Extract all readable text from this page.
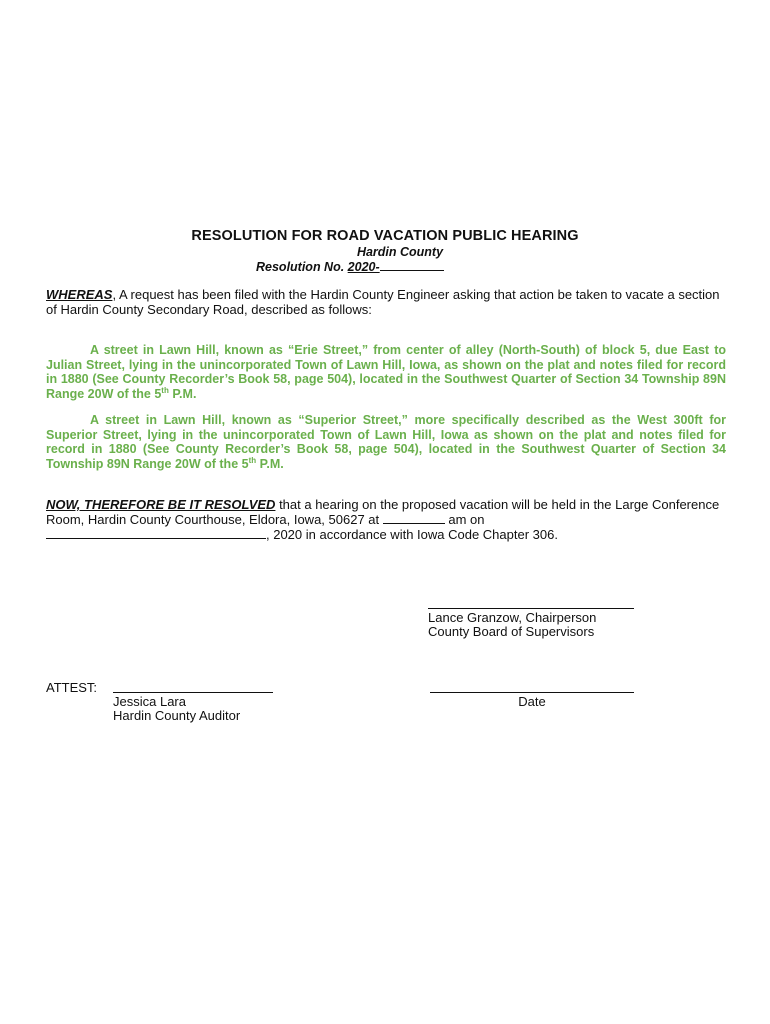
RESOLUTION FOR ROAD VACATION PUBLIC HEARING
Hardin County
Resolution No. 2020-
WHEREAS, A request has been filed with the Hardin County Engineer asking that action be taken to vacate a section of Hardin County Secondary Road, described as follows:
A street in Lawn Hill, known as “Erie Street,” from center of alley (North-South) of block 5, due East to Julian Street, lying in the unincorporated Town of Lawn Hill, Iowa, as shown on the plat and notes filed for record in 1880 (See County Recorder’s Book 58, page 504), located in the Southwest Quarter of Section 34 Township 89N Range 20W of the 5th P.M.
A street in Lawn Hill, known as “Superior Street,” more specifically described as the West 300ft for Superior Street, lying in the unincorporated Town of Lawn Hill, Iowa as shown on the plat and notes filed for record in 1880 (See County Recorder’s Book 58, page 504), located in the Southwest Quarter of Section 34 Township 89N Range 20W of the 5th P.M.
NOW, THEREFORE BE IT RESOLVED that a hearing on the proposed vacation will be held in the Large Conference Room, Hardin County Courthouse, Eldora, Iowa, 50627 at	am on
, 2020 in accordance with Iowa Code Chapter 306.
Lance Granzow, Chairperson
County Board of Supervisors
ATTEST:
Jessica Lara
Hardin County Auditor
Date
